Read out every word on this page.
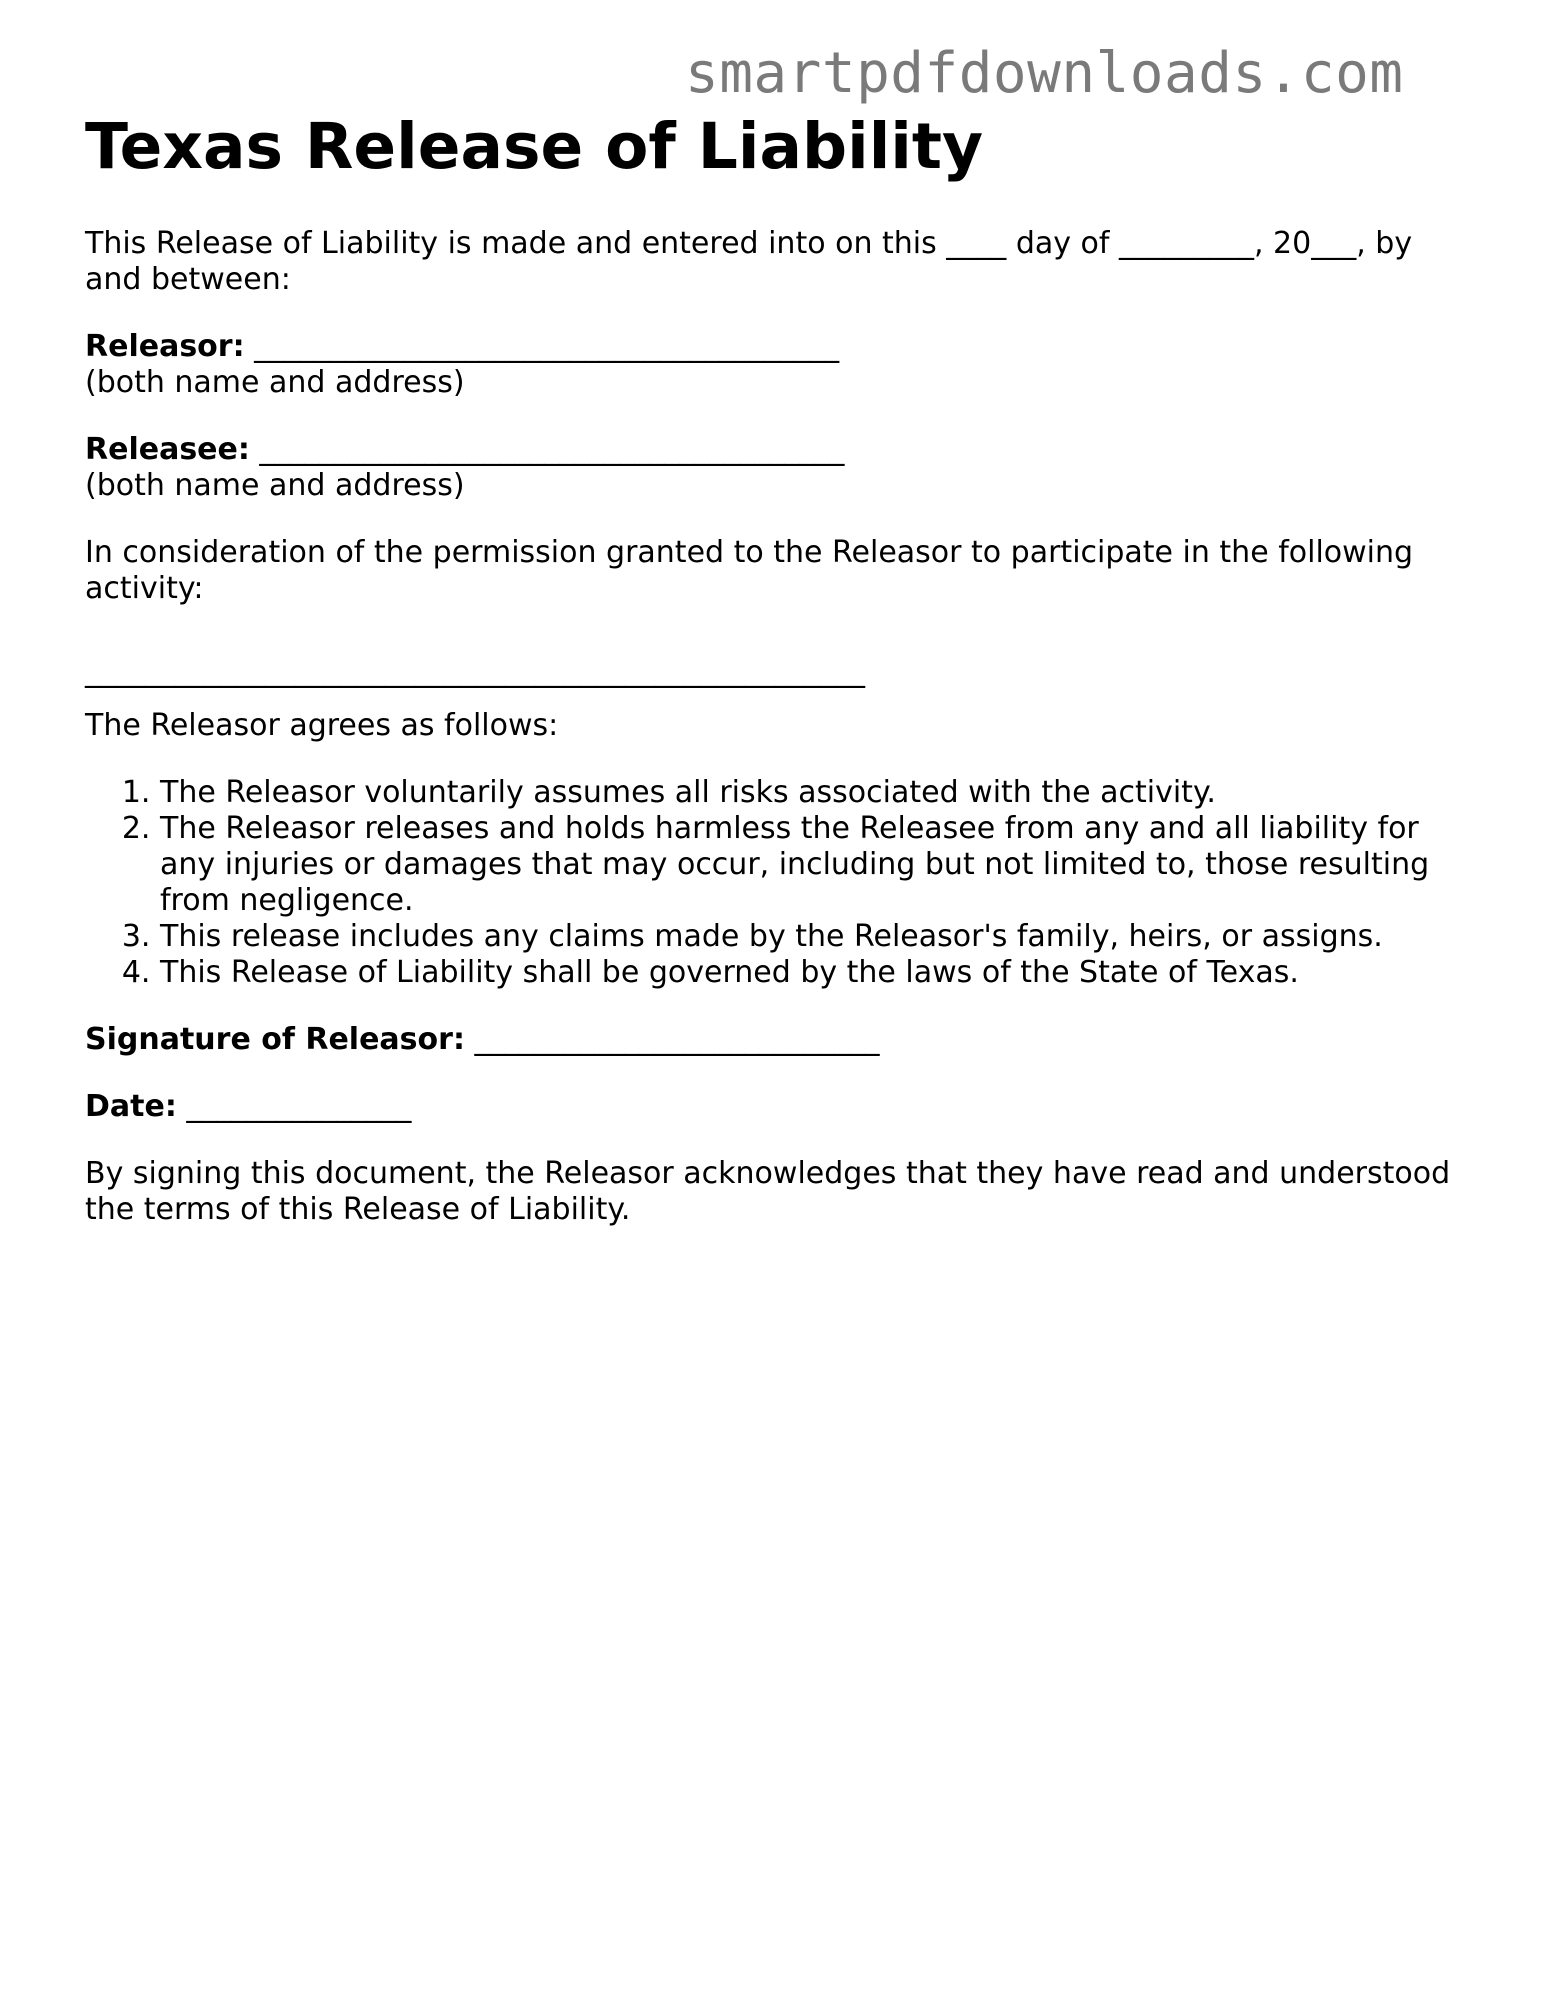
smartpdfdownloads.com
Texas Release of Liability

This Release of Liability is made and entered into on this ____ day of _________, 20___, by and between:

Releasor: _______________________________________

(both name and address)

Releasee: _______________________________________

(both name and address)

In consideration of the permission granted to the Releasor to participate in the following activity:

____________________________________________________

The Releasor agrees as follows:

1. The Releasor voluntarily assumes all risks associated with the activity.
2. The Releasor releases and holds harmless the Releasee from any and all liability for any injuries or damages that may occur, including but not limited to, those resulting from negligence.
3. This release includes any claims made by the Releasor's family, heirs, or assigns.
4. This Release of Liability shall be governed by the laws of the State of Texas.

Signature of Releasor: ___________________________

Date: _______________

By signing this document, the Releasor acknowledges that they have read and understood the terms of this Release of Liability.
